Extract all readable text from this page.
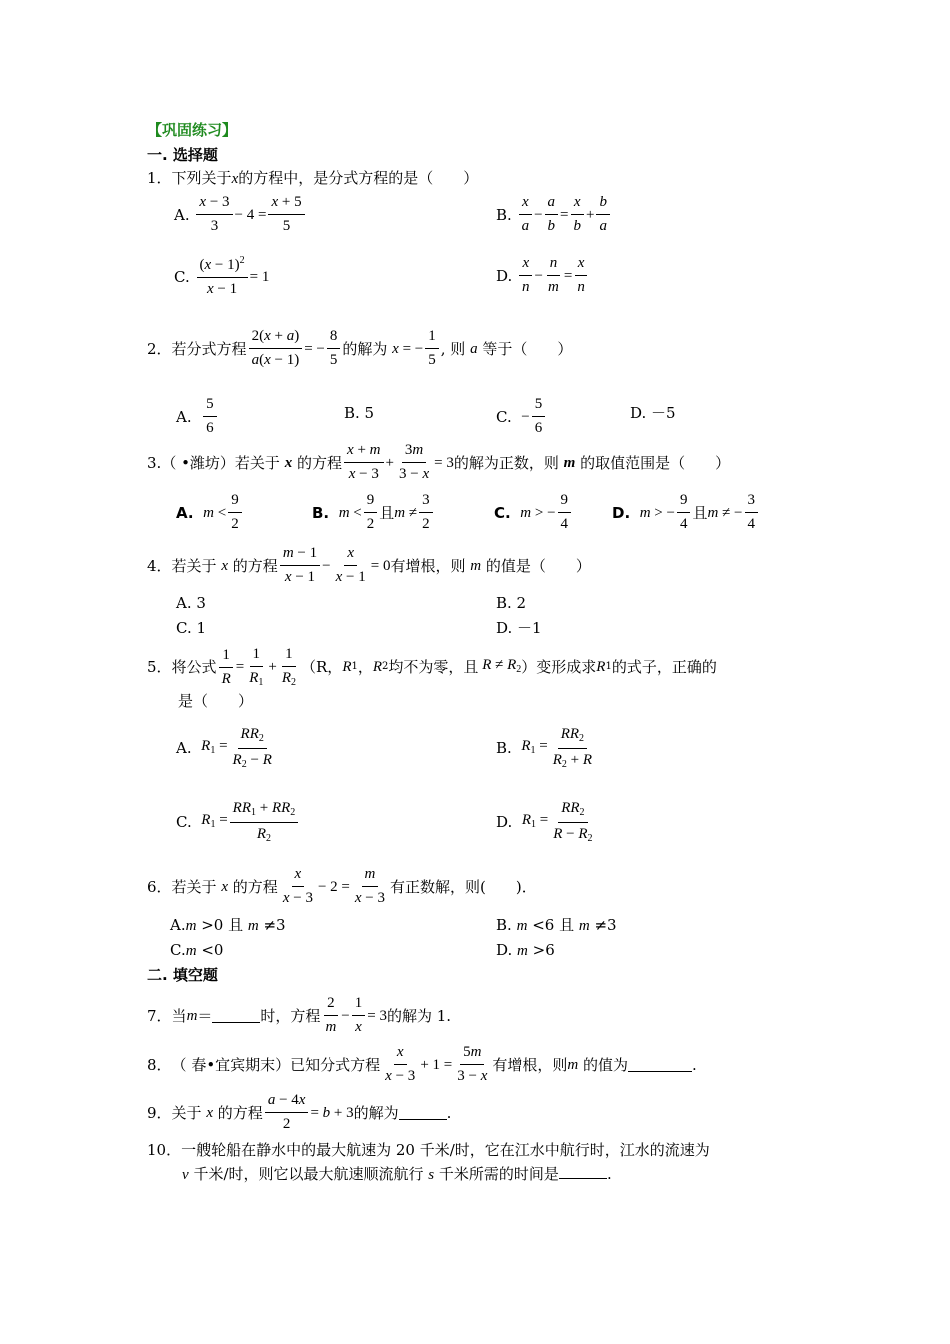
【巩固练习】
一. 选择题
1．下列关于x的方程中，是分式方程的是（　　）
A.
$\frac{x - 3}{3} - 4 = \frac{x + 5}{5}$	B.
$\frac{x}{a} - \frac{a}{b} = \frac{x}{b} + \frac{b}{a}$
C.
$\frac{(x - 1)^2}{x - 1} = 1$	D.
$\frac{x}{n} - \frac{n}{m} = \frac{x}{n}$
2． 若分式方程 $\frac{2(x + a)}{a(x - 1)}$ = − $\frac{8}{5}$ 的解为
x = − $\frac{1}{5}$ , 则
a
等于（　　）
A.
$\frac{5}{6}$	B. 5	C.
− $\frac{5}{6}$	D. －5
3. （ •潍坊）若关于
x
的方程 $\frac{x + m}{x - 3} + \frac{3m}{3 - x} = 3$ 的解为正数，则
m
的取值范围是（　　）
A.
$m < \frac{9}{2}$	B.
$m < \frac{9}{2}$ 且 $m \ne \frac{3}{2}$	C.
m > − $\frac{9}{4}$	D.
m > − $\frac{9}{4}$ 且 m ≠ − $\frac{3}{4}$
4． 若关于
x
的方程 $\frac{m - 1}{x - 1} - \frac{x}{x - 1} = 0$ 有增根，则
m
的值是（　　）
A. 3	B. 2
C. 1	D. －1
5． 将公式 $\frac{1}{R} = \frac{1}{R_1} + \frac{1}{R_2} (R$， R 1 ， R 2 均不为零，且 $R \ne R_2$ ）变形成求 R 1 的式子，正确的
是（　　）
A.
$R_1 = \frac{RR_2}{R_2 - R}$	B.
$R_1 = \frac{RR_2}{R_2 + R}$
C.
$R_1 = \frac{RR_1 + RR_2}{R_2}$	D.
$R_1 = \frac{RR_2}{R - R_2}$
6． 若关于
x
的方程 $\frac{x}{x - 3} - 2 = \frac{m}{x - 3}$ 有正数解，则(　　)．
A.m >0 且 m ≠3	B. m <6 且 m ≠3
C.m <0	D. m >6
二. 填空题
7． 当 m ＝	时，方程 $\frac{2}{m} - \frac{1}{x} = 3$ 的解为 1.
8． （ 春•宜宾期末）已知分式方程 $\frac{x}{x - 3} + 1 = \frac{5m}{3 - x}$ 有增根，则 m
的值为	.
9． 关于
x
的方程 $\frac{a - 4x}{2} = b + 3$ 的解为	.
10．一艘轮船在静水中的最大航速为 20 千米/时，它在江水中航行时，江水的流速为
v 千米/时，则它以最大航速顺流航行 s 千米所需的时间是	.
